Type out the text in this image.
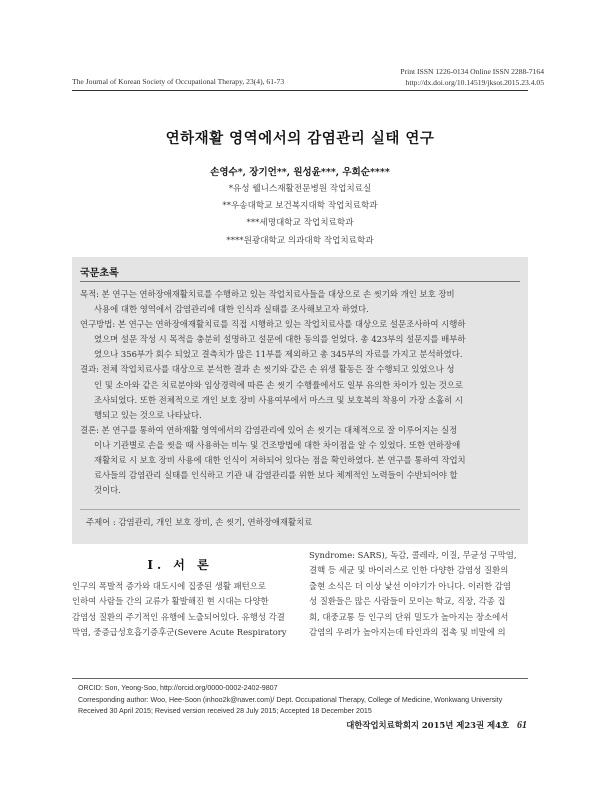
Print ISSN 1226-0134 Online ISSN 2288-7164
http://dx.doi.org/10.14519/jksot.2015.23.4.05
The Journal of Korean Society of Occupational Therapy, 23(4), 61-73
연하재활 영역에서의 감염관리 실태 연구
손영수*, 장기언**, 원성윤***, 우희순****
*유성 웰니스재활전문병원 작업치료실
**우송대학교 보건복지대학 작업치료학과
***세명대학교 작업치료학과
****원광대학교 의과대학 작업치료학과
국문초록
목적: 본 연구는 연하장애재활치료를 수행하고 있는 작업치료사들을 대상으로 손 씻기와 개인 보호 장비
사용에 대한 영역에서 감염관리에 대한 인식과 실태를 조사해보고자 하였다.
연구방법: 본 연구는 연하장애재활치료를 직접 시행하고 있는 작업치료사를 대상으로 설문조사하여 시행하
였으며 설문 작성 시 목적을 충분히 설명하고 설문에 대한 동의를 얻었다. 총 423부의 설문지를 배부하
였으나 356부가 회수 되었고 결측치가 많은 11부를 제외하고 총 345부의 자료를 가지고 분석하였다.
결과: 전체 작업치료사를 대상으로 분석한 결과 손 씻기와 같은 손 위생 활동은 잘 수행되고 있었으나 성
인 및 소아와 같은 치료분야와 임상경력에 따른 손 씻기 수행률에서도 일부 유의한 차이가 있는 것으로
조사되었다. 또한 전체적으로 개인 보호 장비 사용여부에서 마스크 및 보호복의 착용이 가장 소홀히 시
행되고 있는 것으로 나타났다.
결론: 본 연구를 통하여 연하재활 영역에서의 감염관리에 있어 손 씻기는 대체적으로 잘 이루어지는 실정
이나 기관별로 손을 씻을 때 사용하는 비누 및 건조방법에 대한 차이점을 알 수 있었다. 또한 연하장애
재활치료 시 보호 장비 사용에 대한 인식이 저하되어 있다는 점을 확인하였다. 본 연구를 통하여 작업치
료사들의 감염관리 실태를 인식하고 기관 내 감염관리를 위한 보다 체계적인 노력들이 수반되어야 할
것이다.
주제어 : 감염관리, 개인 보호 장비, 손 씻기, 연하장애재활치료
Ⅰ. 서 론
인구의 폭발적 증가와 대도시에 집중된 생활 패턴으로
인하여 사람들 간의 교류가 활발해진 현 시대는 다양한
감염성 질환의 주기적인 유행에 노출되어있다. 유행성 각결
막염, 중증급성호흡기증후군(Severe Acute Respiratory
Syndrome: SARS), 독감, 콜레라, 이질, 무균성 구막염,
결핵 등 세균 및 바이러스로 인한 다양한 감염성 질환의
출현 소식은 더 이상 낯선 이야기가 아니다. 이러한 감염
성 질환들은 많은 사람들이 모이는 학교, 직장, 각종 집
회, 대중교통 등 인구의 단위 밀도가 높아지는 장소에서
감염의 우려가 높아지는데 타인과의 접촉 및 비말에 의
ORCID: Son, Yeong-Soo, http://orcid.org/0000-0002-2402-9807
Corresponding author: Woo, Hee-Soon (inhoo2k@naver.com)/ Dept. Occupational Therapy, College of Medicine, Wonkwang University
Received 30 April 2015; Revised version received 28 July 2015; Accepted 18 December 2015
대한작업치료학회지 2015년 제23권 제4호 61
